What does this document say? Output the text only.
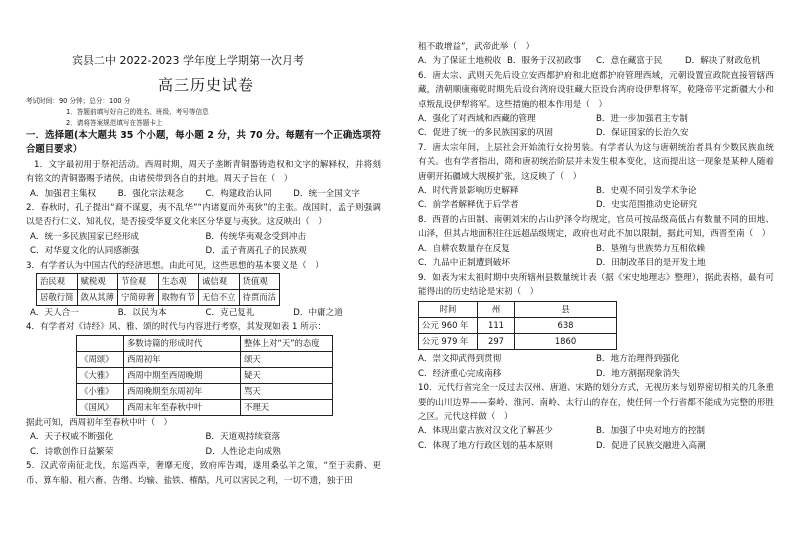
宾县二中 2022-2023 学年度上学期第一次月考
高三历史试卷
考试时间：90 分钟；总分：100 分
1．答题前填写好自己的姓名、班级、考号等信息
2．请将答案规范填写在答题卡上

一．选择题(本大题共 35 个小题，每小题 2 分，共 70 分。每题有一个正确选项符合题目要求）

1．文字最初用于祭祀活动。西周时期，周天子垄断青铜器铸造权和文字的解释权，并将刻有铭文的青铜器赐予诸侯，由诸侯带到各自的封地。周天子旨在（　）

A．加强君主集权	B．强化宗法观念	C．构建政治认同	D．统一全国文字

2．春秋时，孔子提出“裔不谋夏，夷不乱华”“内诸夏而外夷狄”的主张。战国时，孟子则强调以是否行仁义、知礼仪，是否接受华夏文化来区分华夏与夷狄。这反映出（　）

A．统一多民族国家已经形成	B．传统华夷观念受到冲击
C．对华夏文化的认同感渐强	D．孟子背离孔子的民族观

3．有学者认为中国古代的经济思想。由此可见，这些思想的基本要义是（　）

治民观	赋税观	节俭观	生态观	诚信观	货值观
居敬行简	敛从其薄	宁简毋奢	取物有节	无信不立	待贾而沽
A．天人合一	B．以民为本	C．克己复礼	D．中庸之道

4．有学者对《诗经》风、雅、颂的时代与内容进行考察，其发现如表 1 所示：

	多数诗篇的形成时代	整体上对“天”的态度
《周颂》	西周初年	颂天
《大雅》	西周中期至西周晚期	疑天
《小雅》	西周晚期至东周初年	骂天
《国风》	西周末年至春秋中叶	不理天

据此可知，西周初年至春秋中叶（　）

A．天子权威不断强化	B．天道观持续衰落
C．诗歌创作日益繁荣	D．人性论走向成熟

5．汉武帝南征北伐，东巡西幸，奢靡无度，致府库告竭，遂用桑弘羊之策，“至于卖爵、更币、算车船、租六畜、告缗、均输、盐铁、榷酤，凡可以害民之利，一切不遗，独于田

租不敢增益”，武帝此举（　）

A．为了保证土地税收 B．服务于汉初政事	C．意在藏富于民	D．解决了财政危机

6．唐太宗、武则天先后设立安西都护府和北庭都护府管理西域，元朝设置宣政院直接管辖西藏，清朝顺康雍乾时期先后设台湾府设驻藏大臣设台湾府设伊犁将军，乾隆帝平定新疆大小和卓叛乱设伊犁将军。这些措施的根本作用是（　）

A．强化了对西域和西藏的管理	B．进一步加强君主专制
C．促进了统一的多民族国家的巩固	D．保证国家的长治久安

7．唐太宗年间，上层社会开始流行女扮男装。有学者认为这与唐朝统治者具有少数民族血统有关。也有学者指出，隋和唐初统治阶层并未发生根本变化，这而提出这一现象是某种人随着唐朝开拓疆域大规模扩张，这反映了（　）

A．时代背景影响历史解释	B．史观不同引发学术争论
C．前学者解释优于后学者	D．史实范围推动史论研究

8．西晋的占田制、南朝刘宋的占山护泽令均规定，官员可按品级高低占有数量不同的田地、山泽，但其占地面积往往远超品级规定，政府也对此不加以限制，据此可知，西晋至南（　）

A．自耕农数量存在反复	B．垦殖与世族势力互相依赖
C．九品中正制遭到破坏	D．田制改革目的是开发土地

9．如表为宋太祖时期中央所辖州县数量统计表（据《宋史地理志》整理），据此表格，最有可能得出的历史结论是宋初（　）

时间	州	县
公元 960 年	111	638
公元 979 年	297	1860
A．崇文抑武得到贯彻	B．地方治理得到强化
C．经济重心完成南移	D．地方割据现象消失

10．元代行省完全一反过去汉州、唐道、宋路的划分方式，无视历来与划界密切相关的几条重要的山川边界——秦岭、淮河、南岭、太行山的存在，使任何一个行省都不能成为完整的形胜之区。元代这样做（　）

A．体现出蒙古族对汉文化了解甚少	B．加强了中央对地方的控制
C．体现了地方行政区划的基本原则	D．促进了民族交融进入高潮
